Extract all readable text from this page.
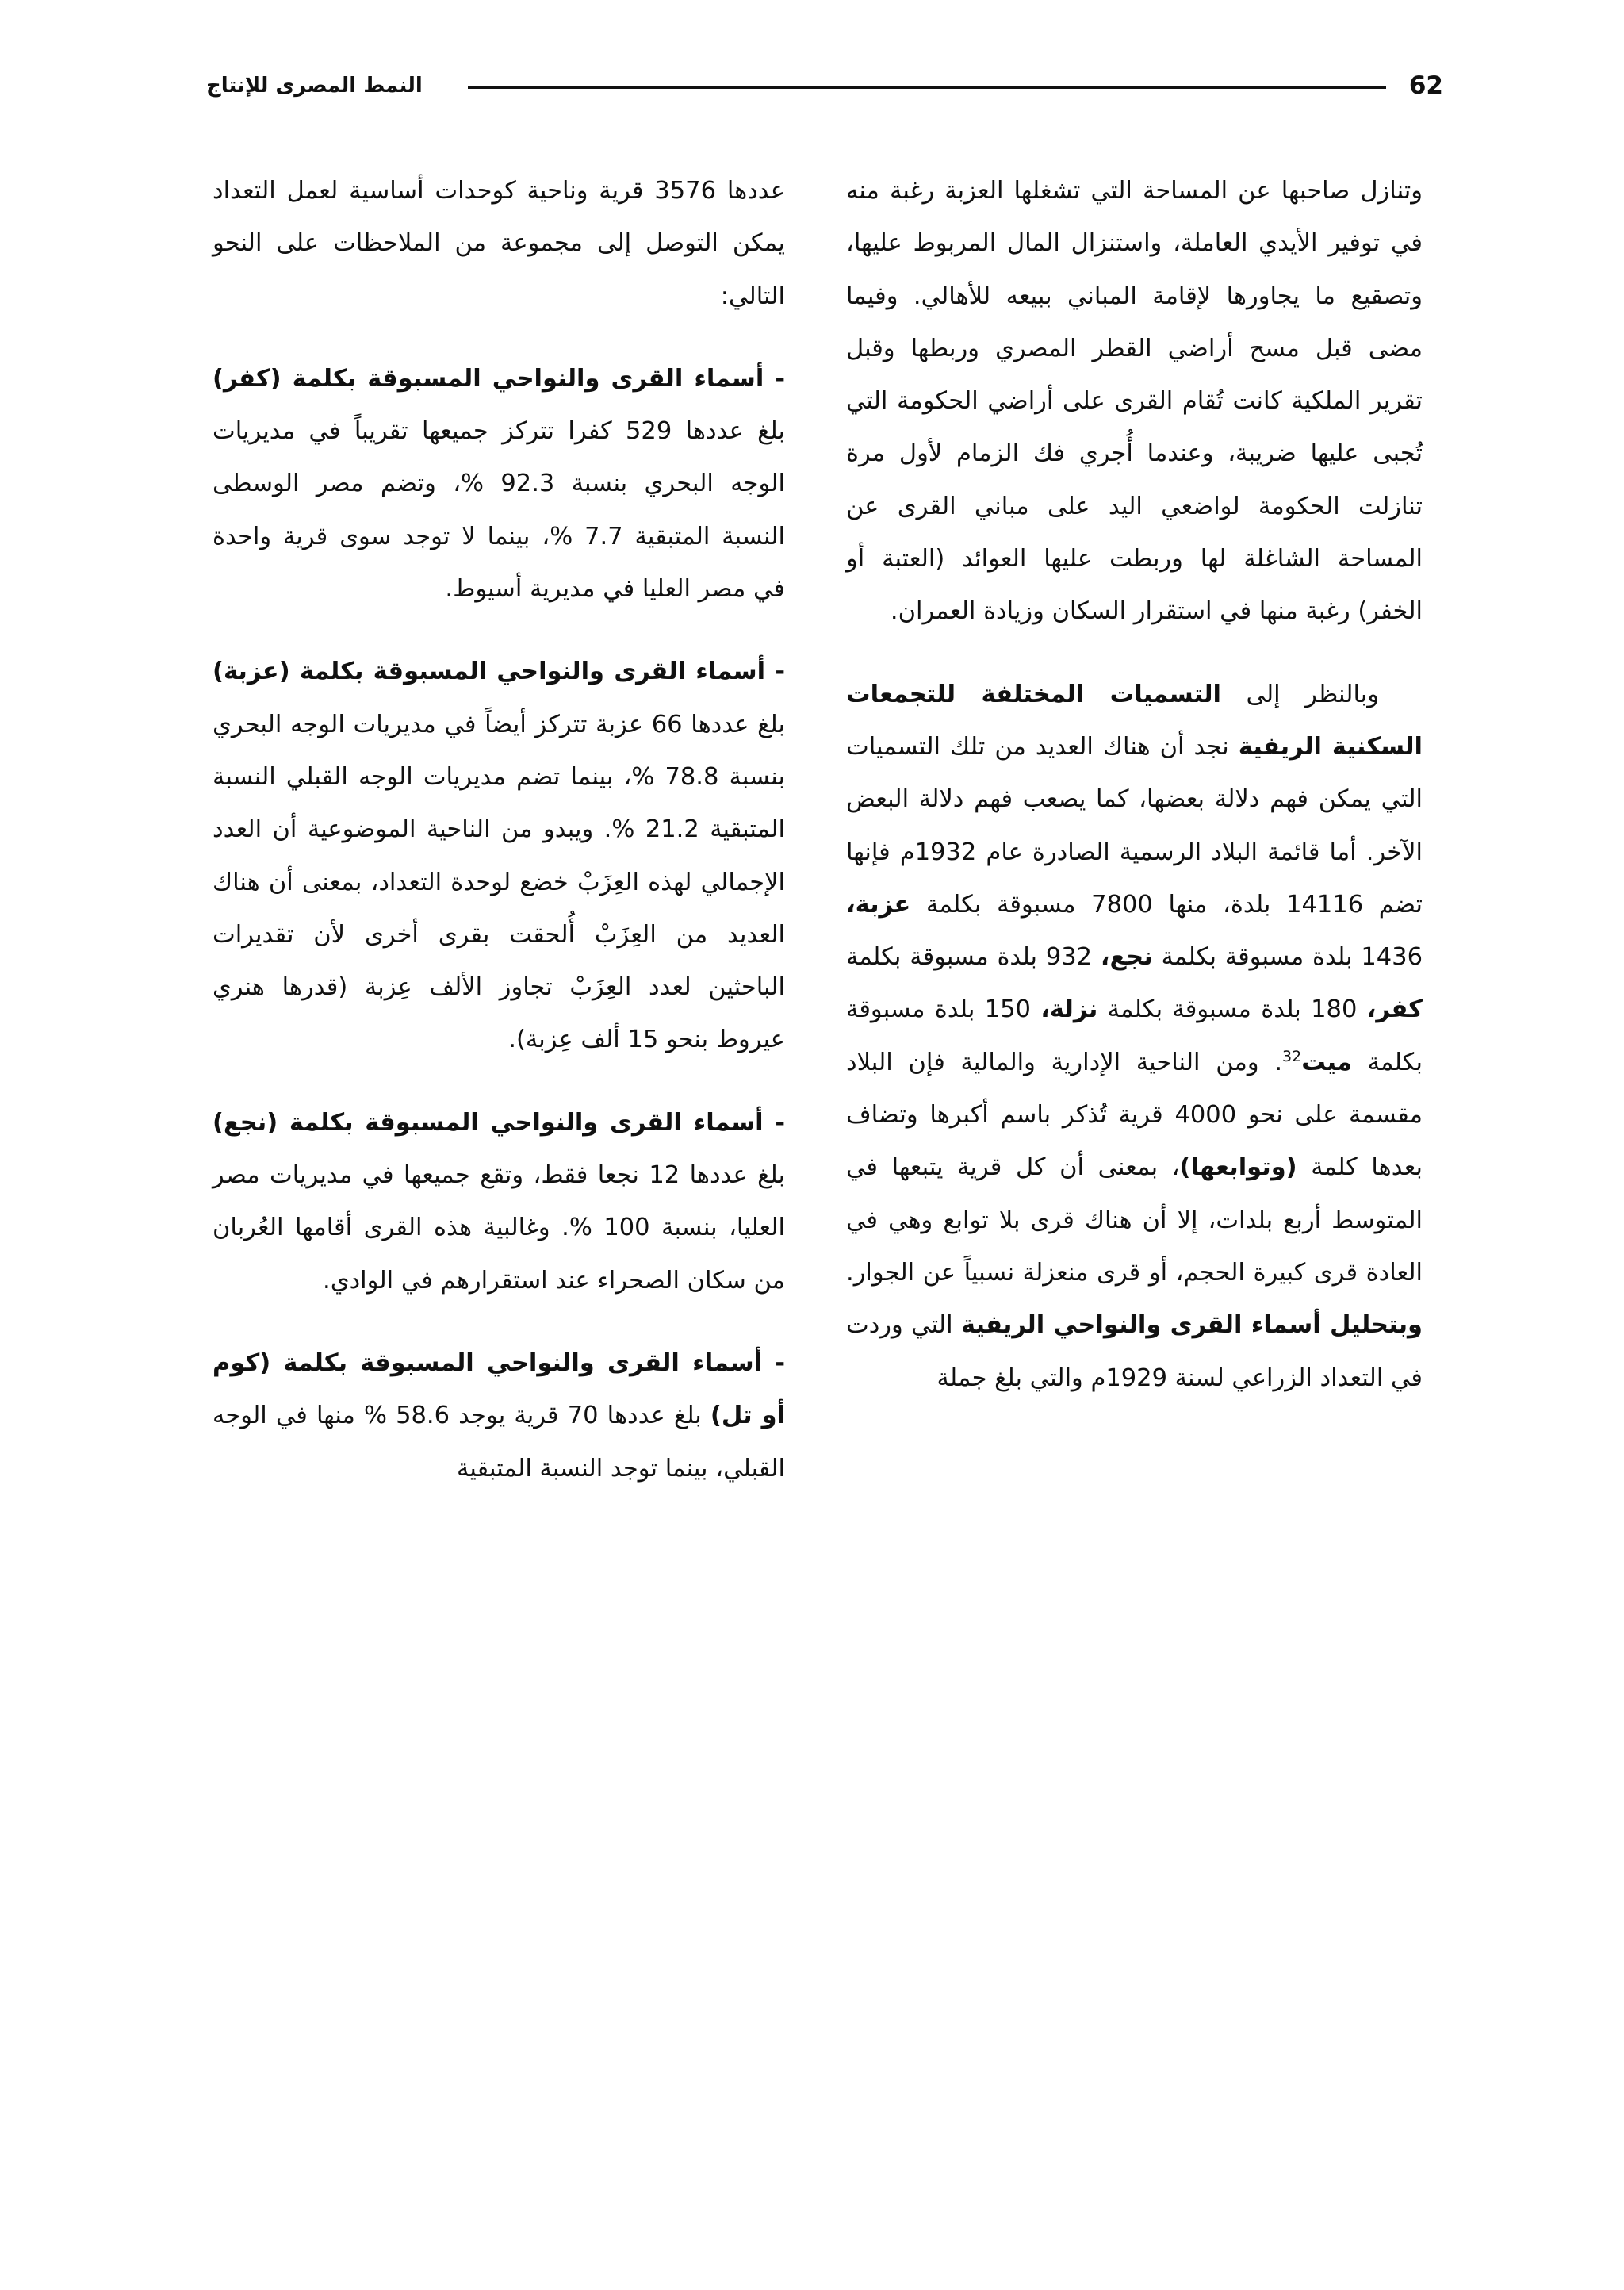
62
النمط المصرى للإنتاج

وتنازل صاحبها عن المساحة التي تشغلها العزبة رغبة منه في توفير الأيدي العاملة، واستنزال المال المربوط عليها، وتصقيع ما يجاورها لإقامة المباني ببيعه للأهالي. وفيما مضى قبل مسح أراضي القطر المصري وربطها وقبل تقرير الملكية كانت تُقام القرى على أراضي الحكومة التي تُجبى عليها ضريبة، وعندما أُجري فك الزمام لأول مرة تنازلت الحكومة لواضعي اليد على مباني القرى عن المساحة الشاغلة لها وربطت عليها العوائد (العتبة أو الخفر) رغبة منها في استقرار السكان وزيادة العمران.

وبالنظر إلى التسميات المختلفة للتجمعات السكنية الريفية نجد أن هناك العديد من تلك التسميات التي يمكن فهم دلالة بعضها، كما يصعب فهم دلالة البعض الآخر. أما قائمة البلاد الرسمية الصادرة عام 1932م فإنها تضم 14116 بلدة، منها 7800 مسبوقة بكلمة عزبة، 1436 بلدة مسبوقة بكلمة نجع، 932 بلدة مسبوقة بكلمة كفر، 180 بلدة مسبوقة بكلمة نزلة، 150 بلدة مسبوقة بكلمة ميت$^{32}$. ومن الناحية الإدارية والمالية فإن البلاد مقسمة على نحو 4000 قرية تُذكر باسم أكبرها وتضاف بعدها كلمة (وتوابعها)، بمعنى أن كل قرية يتبعها في المتوسط أربع بلدات، إلا أن هناك قرى بلا توابع وهي في العادة قرى كبيرة الحجم، أو قرى منعزلة نسبياً عن الجوار. وبتحليل أسماء القرى والنواحي الريفية التي وردت في التعداد الزراعي لسنة 1929م والتي بلغ جملة

عددها 3576 قرية وناحية كوحدات أساسية لعمل التعداد يمكن التوصل إلى مجموعة من الملاحظات على النحو التالي:

- أسماء القرى والنواحي المسبوقة بكلمة (كفر) بلغ عددها 529 كفرا تتركز جميعها تقريباً في مديريات الوجه البحري بنسبة 92.3 %، وتضم مصر الوسطى النسبة المتبقية 7.7 %، بينما لا توجد سوى قرية واحدة في مصر العليا في مديرية أسيوط.

- أسماء القرى والنواحي المسبوقة بكلمة (عزبة) بلغ عددها 66 عزبة تتركز أيضاً في مديريات الوجه البحري بنسبة 78.8 %، بينما تضم مديريات الوجه القبلي النسبة المتبقية 21.2 %. ويبدو من الناحية الموضوعية أن العدد الإجمالي لهذه العِزَبْ خضع لوحدة التعداد، بمعنى أن هناك العديد من العِزَبْ أُلحقت بقرى أخرى لأن تقديرات الباحثين لعدد العِزَبْ تجاوز الألف عِزبة (قدرها هنري عيروط بنحو 15 ألف عِزبة).

- أسماء القرى والنواحي المسبوقة بكلمة (نجع) بلغ عددها 12 نجعا فقط، وتقع جميعها في مديريات مصر العليا، بنسبة 100 %. وغالبية هذه القرى أقامها العُربان من سكان الصحراء عند استقرارهم في الوادي.

- أسماء القرى والنواحي المسبوقة بكلمة (كوم أو تل) بلغ عددها 70 قرية يوجد 58.6 % منها في الوجه القبلي، بينما توجد النسبة المتبقية
